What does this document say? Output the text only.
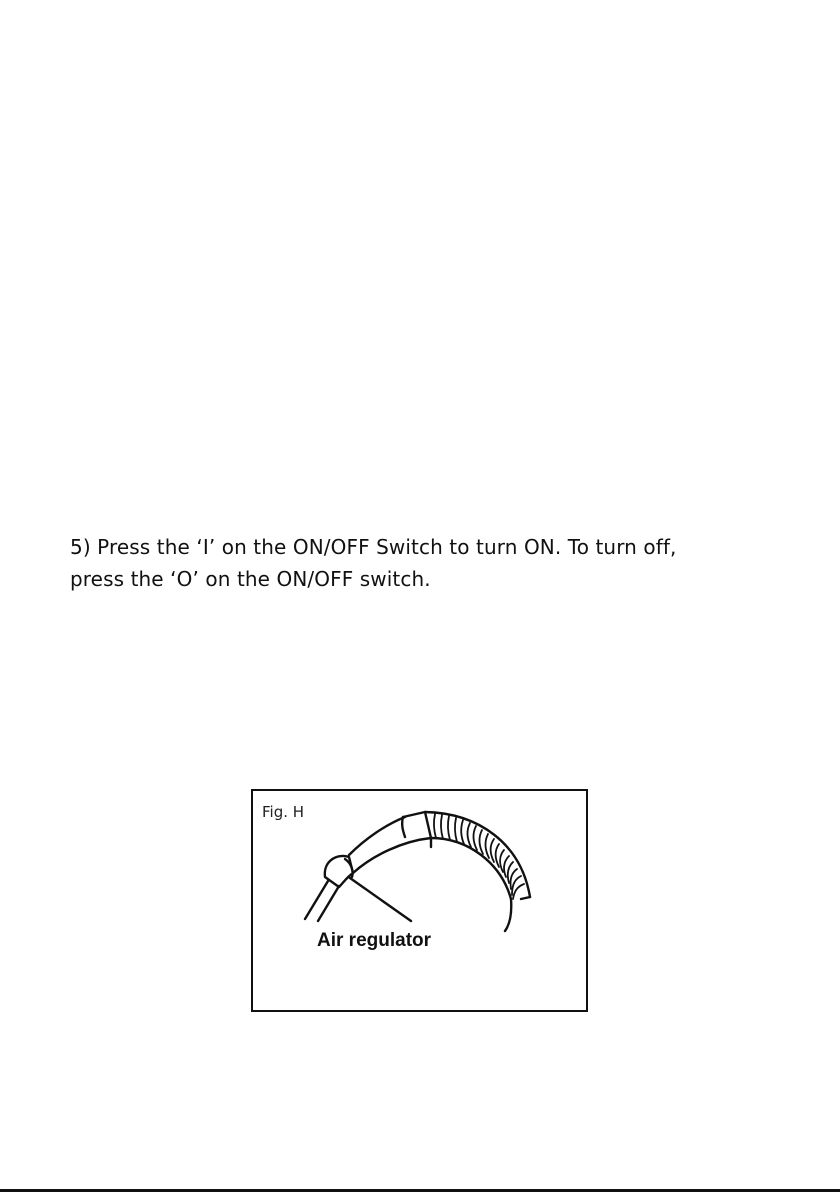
5) Press the ‘I’ on the ON/OFF Switch to turn ON. To turn off,
press the ‘O’ on the ON/OFF switch.

Fig. H
Air regulator
